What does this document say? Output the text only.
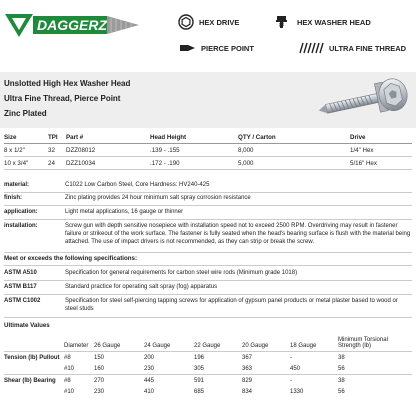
DAGGERZ	HEX DRIVE	HEX WASHER HEAD
PIERCE POINT	ULTRA FINE THREAD
Unslotted High Hex Washer Head
Ultra Fine Thread, Pierce Point
Zinc Plated
Size	TPI	Part #	Head Height	QTY / Carton	Drive
8 x 1/2"	32	DZZ08012	.139 - .155	8,000	1/4" Hex
10 x 3/4"	24	DZZ10034	.172 - .190	5,000	5/16" Hex
material:	C1022 Low Carbon Steel, Core Hardness: HV240-425
finish:	Zinc plating provides 24 hour minimum salt spray corrosion resistance
application:	Light metal applications, 16 gauge or thinner
installation:	Screw gun with depth sensitive nosepiece with installation speed not to exceed 2500 RPM. Overdriving may result in fastener failure or strikeout of the work surface. The fastener is fully seated when the head's bearing surface is flush with the material being attached. The use of impact drivers is not recommended, as they can strip or break the screw.
Meet or exceeds the following specifications:
ASTM A510	Specification for general requirements for carbon steel wire rods (Minimum grade 1018)
ASTM B117	Standard practice for operating salt spray (fog) apparatus
ASTM C1002	Specification for steel self-piercing tapping screws for application of gypsum panel products or metal plaster based to wood or steel studs
Ultimate Values
	Diameter	26 Gauge	24 Gauge	22 Gauge	20 Gauge	18 Gauge	Minimum Torsional Strength (lb)
Tension (lb) Pullout	#8	150	200	196	367	-	38
	#10	160	230	305	363	450	56
Shear (lb) Bearing	#8	270	445	591	829	-	38
	#10	230	410	685	834	1330	56
